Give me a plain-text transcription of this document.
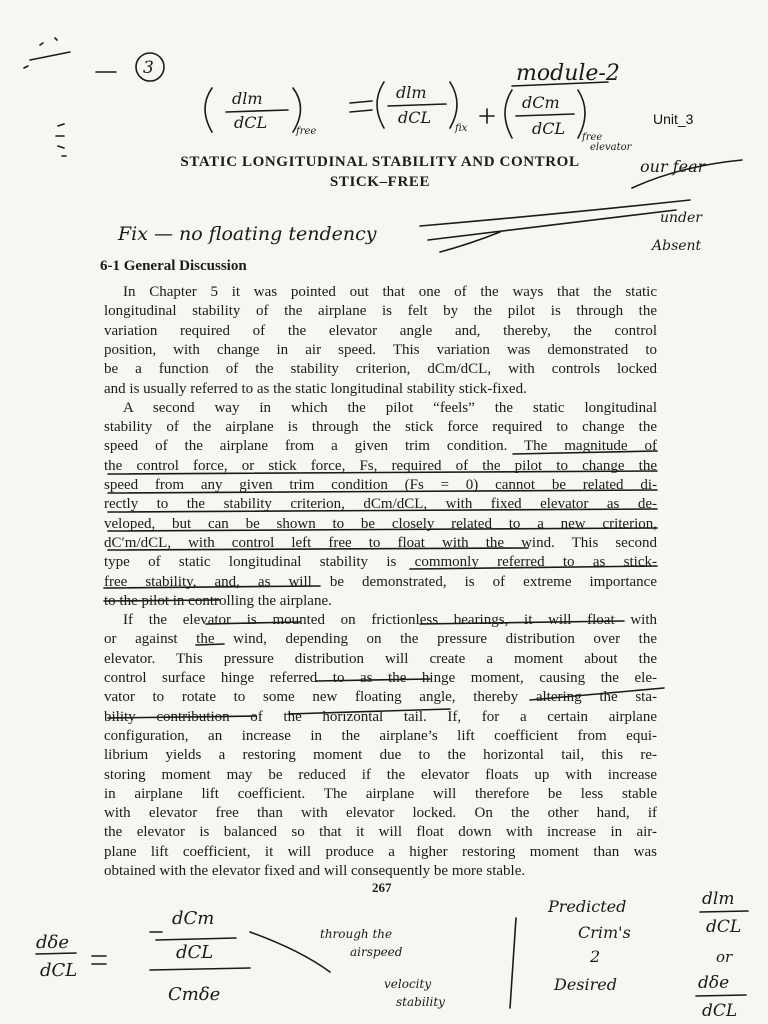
Unit_3
STATIC LONGITUDINAL STABILITY AND CONTROL
STICK–FREE
6-1 General Discussion
In Chapter 5 it was pointed out that one of the ways that the static
longitudinal stability of the airplane is felt by the pilot is through the
variation required of the elevator angle and, thereby, the control
position, with change in air speed. This variation was demonstrated to
be a function of the stability criterion, dCm/dCL, with controls locked
and is usually referred to as the static longitudinal stability stick-fixed.
A second way in which the pilot “feels” the static longitudinal
stability of the airplane is through the stick force required to change the
speed of the airplane from a given trim condition. The magnitude of
the control force, or stick force, Fs, required of the pilot to change the
speed from any given trim condition (Fs = 0) cannot be related di-
rectly to the stability criterion, dCm/dCL, with fixed elevator as de-
veloped, but can be shown to be closely related to a new criterion,
dC′m/dCL, with control left free to float with the wind. This second
type of static longitudinal stability is commonly referred to as stick-
free stability, and, as will be demonstrated, is of extreme importance
to the pilot in controlling the airplane.
If the elevator is mounted on frictionless bearings, it will float with
or against the wind, depending on the pressure distribution over the
elevator. This pressure distribution will create a moment about the
control surface hinge referred to as the hinge moment, causing the ele-
vator to rotate to some new floating angle, thereby altering the sta-
bility contribution of the horizontal tail. If, for a certain airplane
configuration, an increase in the airplane’s lift coefficient from equi-
librium yields a restoring moment due to the horizontal tail, this re-
storing moment may be reduced if the elevator floats up with increase
in airplane lift coefficient. The airplane will therefore be less stable
with elevator free than with elevator locked. On the other hand, if
the elevator is balanced so that it will float down with increase in air-
plane lift coefficient, it will produce a higher restoring moment than was
obtained with the elevator fixed and will consequently be more stable.
267
3
dlm
dCL	free
dlm
dCL
fix
dCm
dCL free
elevator
module-2
our fear
Fix — no floating tendency
under
Absent
dδe
dCL
dCm
dCL
Cmδe
through the
airspeed
velocity
stability
Predicted
Crim's
2
Desired
dlm
dCL
or
dδe
dCL
